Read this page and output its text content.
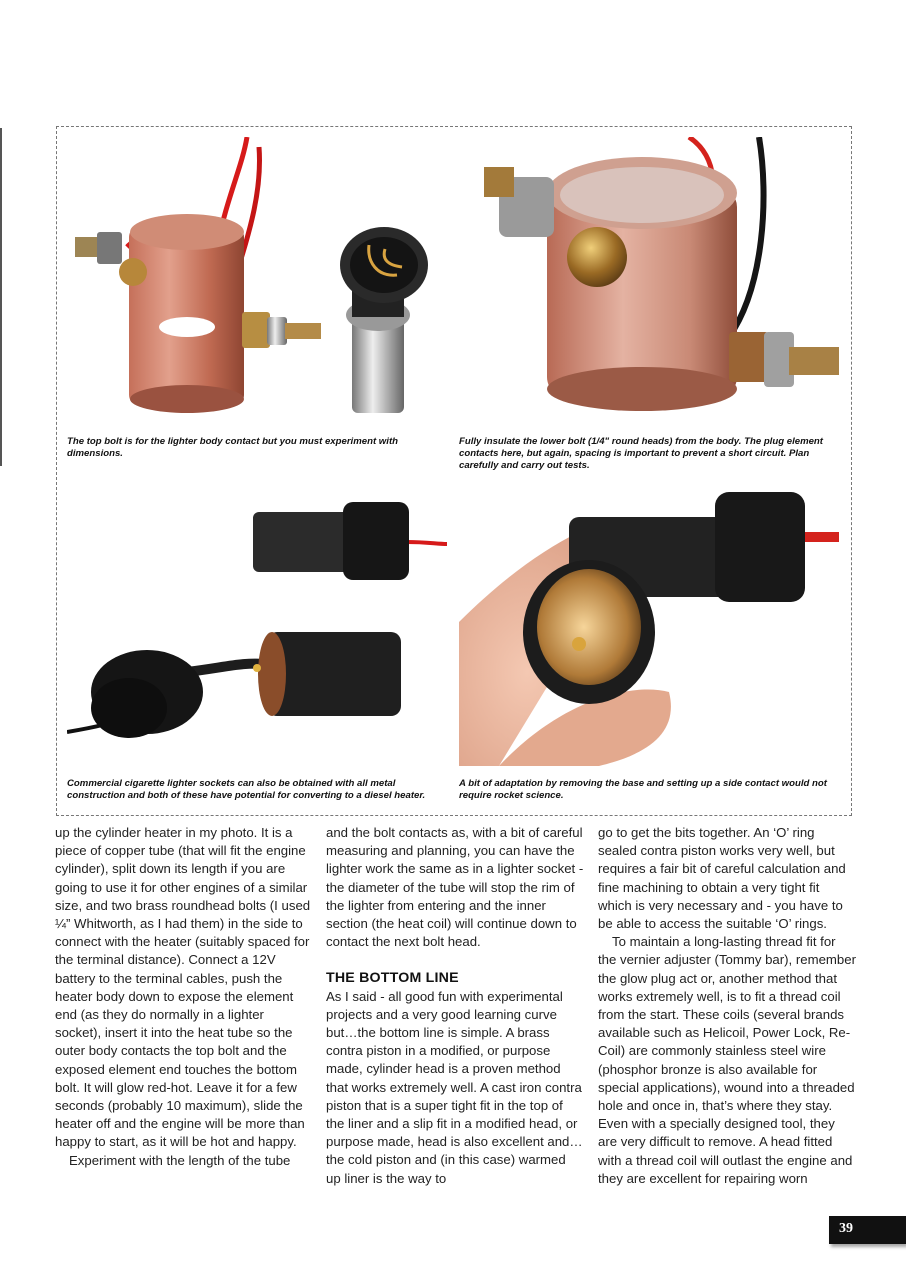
The top bolt is for the lighter body contact but you must experiment with dimensions.
Fully insulate the lower bolt (1/4" round heads) from the body. The plug element contacts here, but again, spacing is important to prevent a short circuit. Plan carefully and carry out tests.
Commercial cigarette lighter sockets can also be obtained with all metal construction and both of these have potential for converting to a diesel heater.
A bit of adaptation by removing the base and setting up a side contact would not require rocket science.

up the cylinder heater in my photo. It is a piece of copper tube (that will fit the engine cylinder), split down its length if you are going to use it for other engines of a similar size, and two brass roundhead bolts (I used ¼” Whitworth, as I had them) in the side to connect with the heater (suitably spaced for the terminal distance). Connect a 12V battery to the terminal cables, push the heater body down to expose the element end (as they do normally in a lighter socket), insert it into the heat tube so the outer body contacts the top bolt and the exposed element end touches the bottom bolt. It will glow red-hot. Leave it for a few seconds (probably 10 maximum), slide the heater off and the engine will be more than happy to start, as it will be hot and happy.

Experiment with the length of the tube

and the bolt contacts as, with a bit of careful measuring and planning, you can have the lighter work the same as in a lighter socket - the diameter of the tube will stop the rim of the lighter from entering and the inner section (the heat coil) will continue down to contact the next bolt head.

THE BOTTOM LINE

As I said - all good fun with experimental projects and a very good learning curve but…the bottom line is simple. A brass contra piston in a modified, or purpose made, cylinder head is a proven method that works extremely well. A cast iron contra piston that is a super tight fit in the top of the liner and a slip fit in a modified head, or purpose made, head is also excellent and…the cold piston and (in this case) warmed up liner is the way to

go to get the bits together. An ‘O’ ring sealed contra piston works very well, but requires a fair bit of careful calculation and fine machining to obtain a very tight fit which is very necessary and - you have to be able to access the suitable ‘O’ rings.

To maintain a long-lasting thread fit for the vernier adjuster (Tommy bar), remember the glow plug act or, another method that works extremely well, is to fit a thread coil from the start. These coils (several brands available such as Helicoil, Power Lock, Re-Coil) are commonly stainless steel wire (phosphor bronze is also available for special applications), wound into a threaded hole and once in, that’s where they stay. Even with a specially designed tool, they are very difficult to remove. A head fitted with a thread coil will outlast the engine and they are excellent for repairing worn

39
